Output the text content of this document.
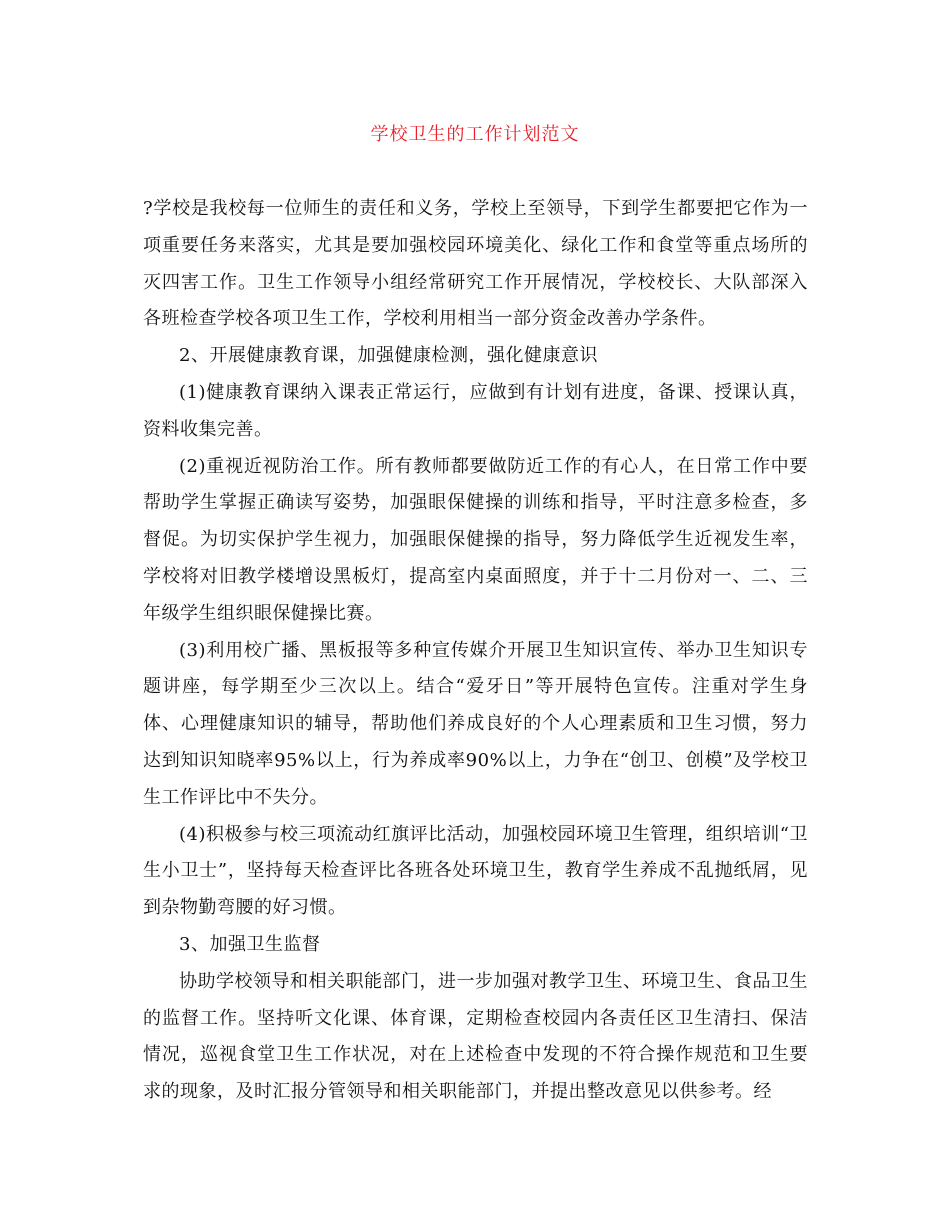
学校卫生的工作计划范文

?学校是我校每一位师生的责任和义务，学校上至领导，下到学生都要把它作为一项重要任务来落实，尤其是要加强校园环境美化、绿化工作和食堂等重点场所的灭四害工作。卫生工作领导小组经常研究工作开展情况，学校校长、大队部深入各班检查学校各项卫生工作，学校利用相当一部分资金改善办学条件。

2、开展健康教育课，加强健康检测，强化健康意识

(1)健康教育课纳入课表正常运行，应做到有计划有进度，备课、授课认真，资料收集完善。

(2)重视近视防治工作。所有教师都要做防近工作的有心人，在日常工作中要帮助学生掌握正确读写姿势，加强眼保健操的训练和指导，平时注意多检查，多督促。为切实保护学生视力，加强眼保健操的指导，努力降低学生近视发生率，学校将对旧教学楼增设黑板灯，提高室内桌面照度，并于十二月份对一、二、三年级学生组织眼保健操比赛。

(3)利用校广播、黑板报等多种宣传媒介开展卫生知识宣传、举办卫生知识专题讲座，每学期至少三次以上。结合“爱牙日”等开展特色宣传。注重对学生身体、心理健康知识的辅导，帮助他们养成良好的个人心理素质和卫生习惯，努力达到知识知晓率95%以上，行为养成率90%以上，力争在“创卫、创模”及学校卫生工作评比中不失分。

(4)积极参与校三项流动红旗评比活动，加强校园环境卫生管理，组织培训“卫生小卫士”，坚持每天检查评比各班各处环境卫生，教育学生养成不乱抛纸屑，见到杂物勤弯腰的好习惯。

3、加强卫生监督

协助学校领导和相关职能部门，进一步加强对教学卫生、环境卫生、食品卫生的监督工作。坚持听文化课、体育课，定期检查校园内各责任区卫生清扫、保洁情况，巡视食堂卫生工作状况，对在上述检查中发现的不符合操作规范和卫生要求的现象，及时汇报分管领导和相关职能部门，并提出整改意见以供参考。经
